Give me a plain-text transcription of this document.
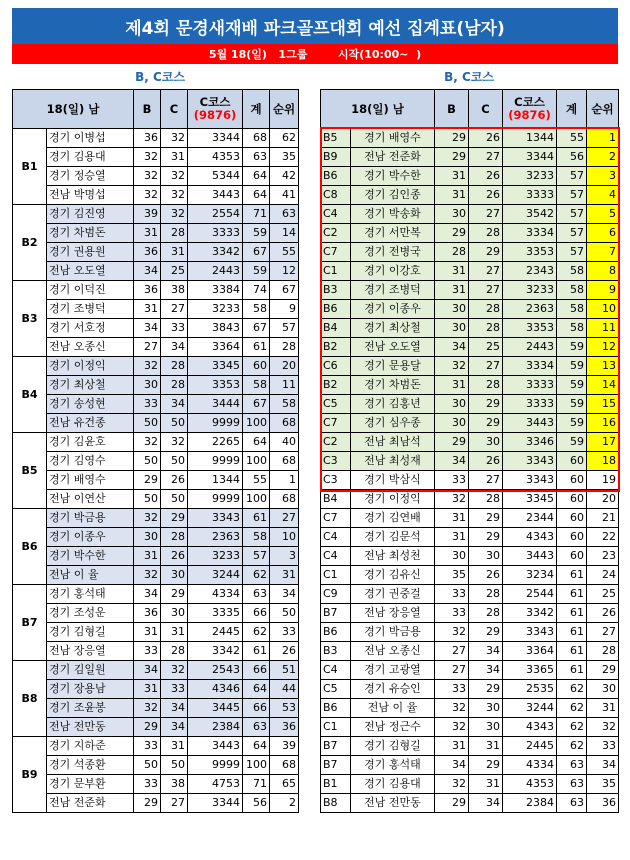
제4회 문경새재배 파크골프대회 예선 집계표(남자)
5월 18(일)   1그룹        시작(10:00~  )
B, C코스	B, C코스
18(일) 남		B	C	C코스
(9876)	계	순위
B1	경기 이병섭	36	32	3344	68	62
	경기 김용대	32	31	4353	63	35
	경기 정승열	32	32	5344	64	42
	전남 박명섭	32	32	3443	64	41
B2	경기 김진영	39	32	2554	71	63
	경기 차범돈	31	28	3333	59	14
	경기 권용원	36	31	3342	67	55
	전남 오도열	34	25	2443	59	12
B3	경기 이덕진	36	38	3384	74	67
	경기 조병덕	31	27	3233	58	9
	경기 서호정	34	33	3843	67	57
	전남 오종신	27	34	3364	61	28
B4	경기 이정익	32	28	3345	60	20
	경기 최상철	30	28	3353	58	11
	경기 송성현	33	34	3444	67	58
	전남 유건종	50	50	9999	100	68
B5	경기 김윤호	32	32	2265	64	40
	경기 김영수	50	50	9999	100	68
	경기 배영수	29	26	1344	55	1
	전남 이연산	50	50	9999	100	68
B6	경기 박금용	32	29	3343	61	27
	경기 이종우	30	28	2363	58	10
	경기 박수한	31	26	3233	57	3
	전남 이 율	32	30	3244	62	31
B7	경기 홍석태	34	29	4334	63	34
	경기 조성운	36	30	3335	66	50
	경기 김형길	31	31	2445	62	33
	전남 장응열	33	28	3342	61	26
B8	경기 김일원	34	32	2543	66	51
	경기 장용남	31	33	4346	64	44
	경기 조윤봉	32	34	3445	66	53
	전남 전만동	29	34	2384	63	36
B9	경기 지하준	33	31	3443	64	39
	경기 석종환	50	50	9999	100	68
	경기 문부환	33	38	4753	71	65
	전남 전준화	29	27	3344	56	2
18(일) 남		B	C	C코스
(9876)	계	순위
B5	경기 배영수	29	26	1344	55	1
B9	전남 전준화	29	27	3344	56	2
B6	경기 박수한	31	26	3233	57	3
C8	경기 김인종	31	26	3333	57	4
C4	경기 박송화	30	27	3542	57	5
C2	경기 서만복	29	28	3334	57	6
C7	경기 전병국	28	29	3353	57	7
C1	경기 이강호	31	27	2343	58	8
B3	경기 조병덕	31	27	3233	58	9
B6	경기 이종우	30	28	2363	58	10
B4	경기 최상철	30	28	3353	58	11
B2	전남 오도열	34	25	2443	59	12
C6	경기 문용달	32	27	3334	59	13
B2	경기 차범돈	31	28	3333	59	14
C5	경기 김홍년	30	29	3333	59	15
C7	경기 심우종	30	29	3443	59	16
C2	전남 최남석	29	30	3346	59	17
C3	전남 최성재	34	26	3343	60	18
C3	경기 박삼식	33	27	3343	60	19
B4	경기 이정익	32	28	3345	60	20
C7	경기 김연배	31	29	2344	60	21
C4	경기 김문석	31	29	4343	60	22
C4	전남 최성천	30	30	3443	60	23
C1	경기 김유신	35	26	3234	61	24
C9	경기 권중걸	33	28	2544	61	25
B7	전남 장응열	33	28	3342	61	26
B6	경기 박금용	32	29	3343	61	27
B3	전남 오종신	27	34	3364	61	28
C4	경기 고광열	27	34	3365	61	29
C5	경기 유승인	33	29	2535	62	30
B6	전남 이 율	32	30	3244	62	31
C1	전남 정근수	32	30	4343	62	32
B7	경기 김형길	31	31	2445	62	33
B7	경기 홍석태	34	29	4334	63	34
B1	경기 김용대	32	31	4353	63	35
B8	전남 전만동	29	34	2384	63	36
